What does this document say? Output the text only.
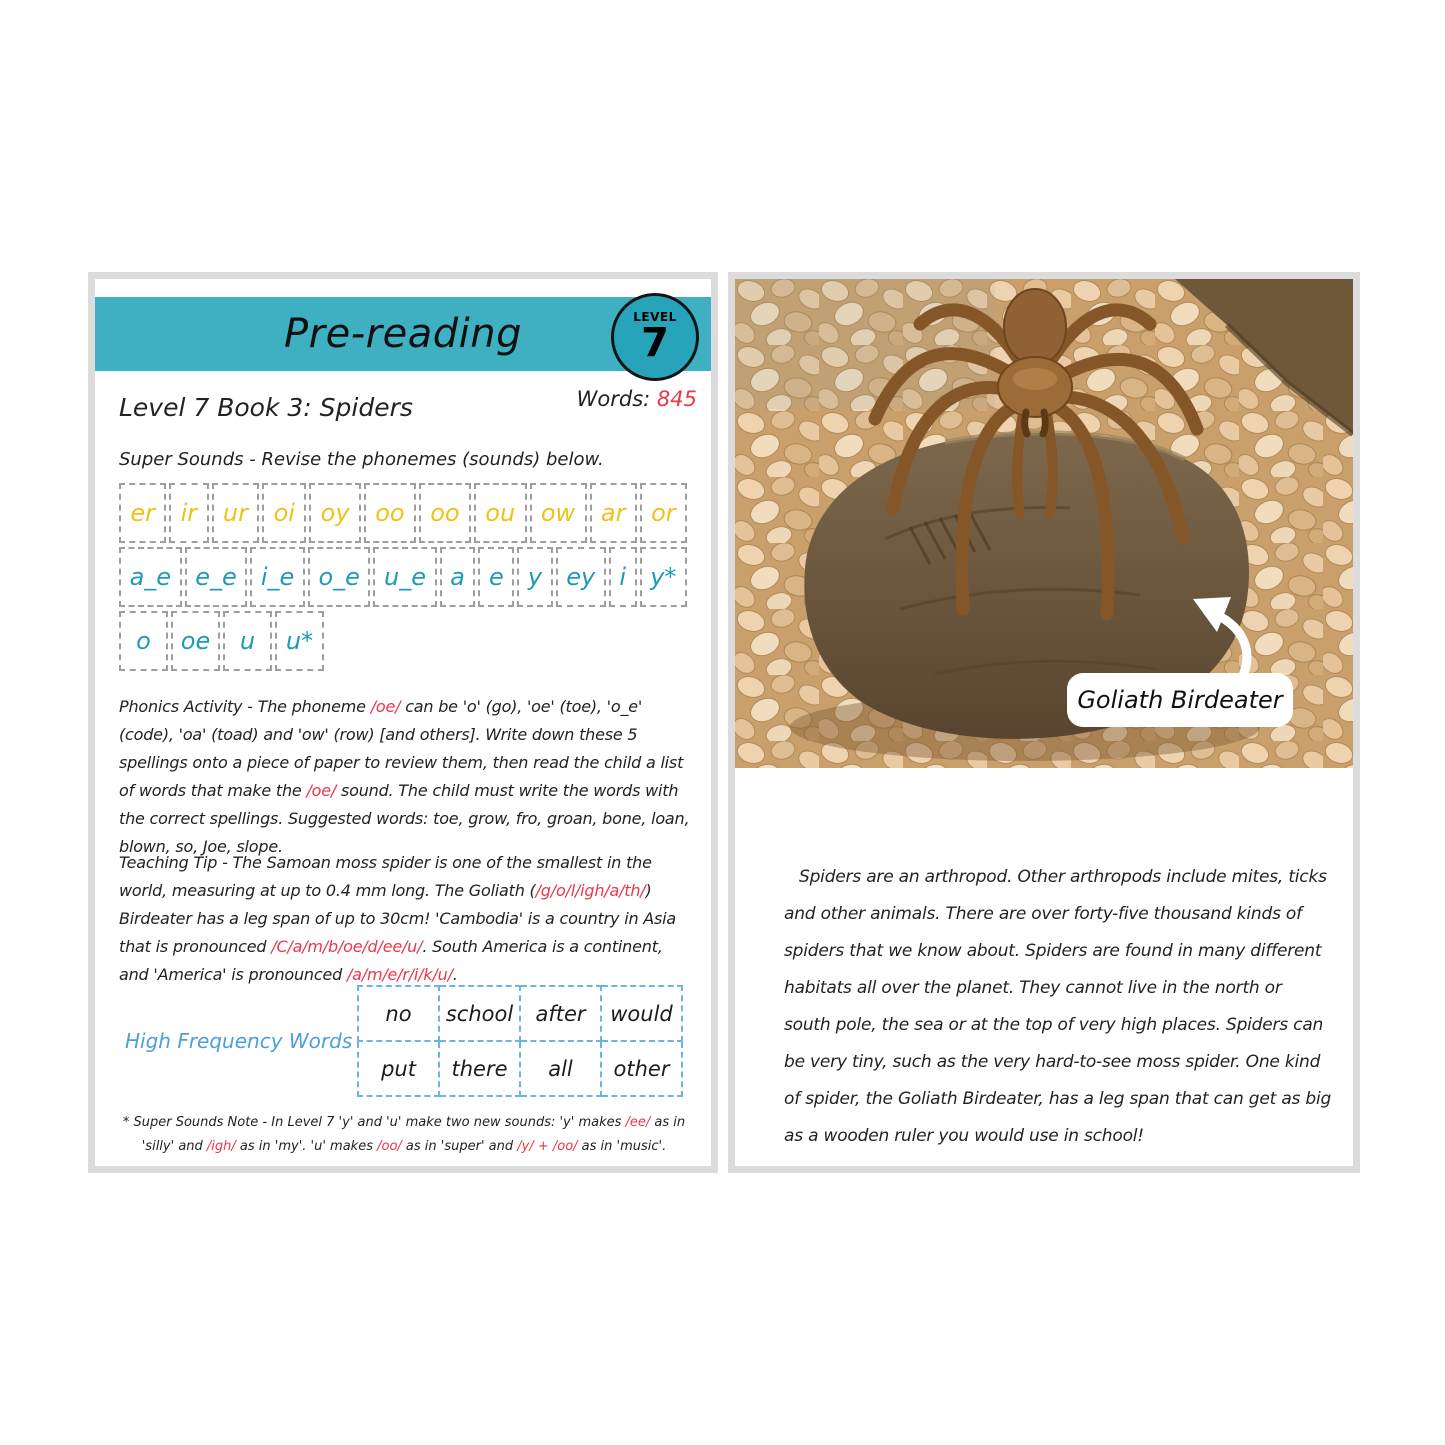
Pre-reading	LEVEL
7
Words: 845
Level 7 Book 3: Spiders

Super Sounds - Revise the phonemes (sounds) below.

er	ir	ur	oi	oy	oo	oo	ou	ow	ar	or
a_e	e_e	i_e	o_e	u_e	a	e	y	ey	i	y*
o	oe	u	u*

Phonics Activity - The phoneme /oe/ can be 'o' (go), 'oe' (toe), 'o_e' (code), 'oa' (toad) and 'ow' (row) [and others]. Write down these 5 spellings onto a piece of paper to review them, then read the child a list of words that make the /oe/ sound. The child must write the words with the correct spellings. Suggested words: toe, grow, fro, groan, bone, loan, blown, so, Joe, slope.

Teaching Tip - The Samoan moss spider is one of the smallest in the world, measuring at up to 0.4 mm long. The Goliath (/g/o/l/igh/a/th/) Birdeater has a leg span of up to 30cm! 'Cambodia' is a country in Asia that is pronounced /C/a/m/b/oe/d/ee/u/. South America is a continent, and 'America' is pronounced /a/m/e/r/i/k/u/.

High Frequency Words
no	school	after	would
put	there	all	other

* Super Sounds Note - In Level 7 'y' and 'u' make two new sounds: 'y' makes /ee/ as in 'silly' and /igh/ as in 'my'. 'u' makes /oo/ as in 'super' and /y/ + /oo/ as in 'music'.

Goliath Birdeater

Spiders are an arthropod. Other arthropods include mites, ticks and other animals. There are over forty-five thousand kinds of spiders that we know about. Spiders are found in many different habitats all over the planet. They cannot live in the north or south pole, the sea or at the top of very high places. Spiders can be very tiny, such as the very hard-to-see moss spider. One kind of spider, the Goliath Birdeater, has a leg span that can get as big as a wooden ruler you would use in school!
